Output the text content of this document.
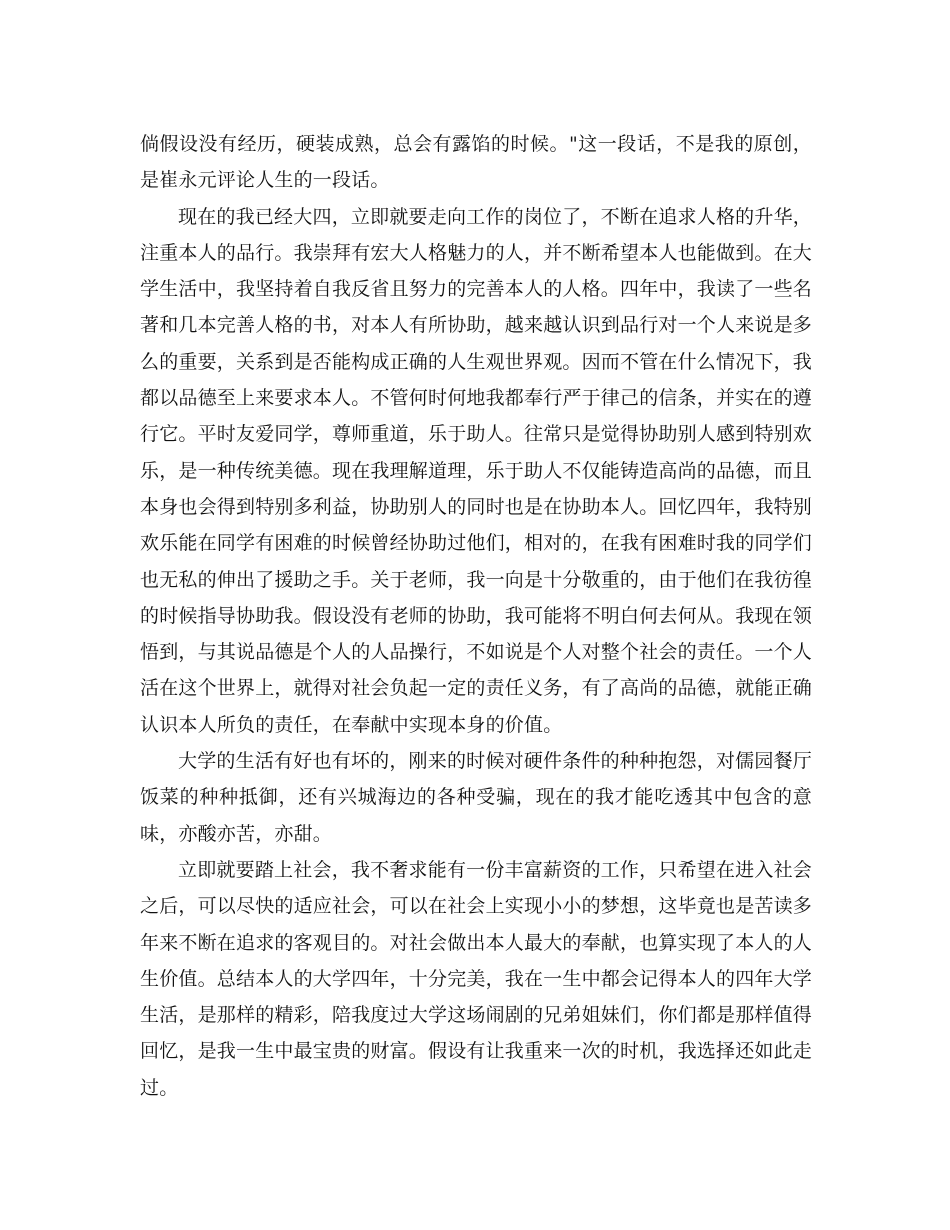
倘假设没有经历，硬装成熟，总会有露馅的时候。"这一段话，不是我的原创，是崔永元评论人生的一段话。

现在的我已经大四，立即就要走向工作的岗位了，不断在追求人格的升华，注重本人的品行。我崇拜有宏大人格魅力的人，并不断希望本人也能做到。在大学生活中，我坚持着自我反省且努力的完善本人的人格。四年中，我读了一些名著和几本完善人格的书，对本人有所协助，越来越认识到品行对一个人来说是多么的重要，关系到是否能构成正确的人生观世界观。因而不管在什么情况下，我都以品德至上来要求本人。不管何时何地我都奉行严于律己的信条，并实在的遵行它。平时友爱同学，尊师重道，乐于助人。往常只是觉得协助别人感到特别欢乐，是一种传统美德。现在我理解道理，乐于助人不仅能铸造高尚的品德，而且本身也会得到特别多利益，协助别人的同时也是在协助本人。回忆四年，我特别欢乐能在同学有困难的时候曾经协助过他们，相对的，在我有困难时我的同学们也无私的伸出了援助之手。关于老师，我一向是十分敬重的，由于他们在我彷徨的时候指导协助我。假设没有老师的协助，我可能将不明白何去何从。我现在领悟到，与其说品德是个人的人品操行，不如说是个人对整个社会的责任。一个人活在这个世界上，就得对社会负起一定的责任义务，有了高尚的品德，就能正确认识本人所负的责任，在奉献中实现本身的价值。

大学的生活有好也有坏的，刚来的时候对硬件条件的种种抱怨，对儒园餐厅饭菜的种种抵御，还有兴城海边的各种受骗，现在的我才能吃透其中包含的意味，亦酸亦苦，亦甜。

立即就要踏上社会，我不奢求能有一份丰富薪资的工作，只希望在进入社会之后，可以尽快的适应社会，可以在社会上实现小小的梦想，这毕竟也是苦读多年来不断在追求的客观目的。对社会做出本人最大的奉献，也算实现了本人的人生价值。总结本人的大学四年，十分完美，我在一生中都会记得本人的四年大学生活，是那样的精彩，陪我度过大学这场闹剧的兄弟姐妹们，你们都是那样值得回忆，是我一生中最宝贵的财富。假设有让我重来一次的时机，我选择还如此走过。
